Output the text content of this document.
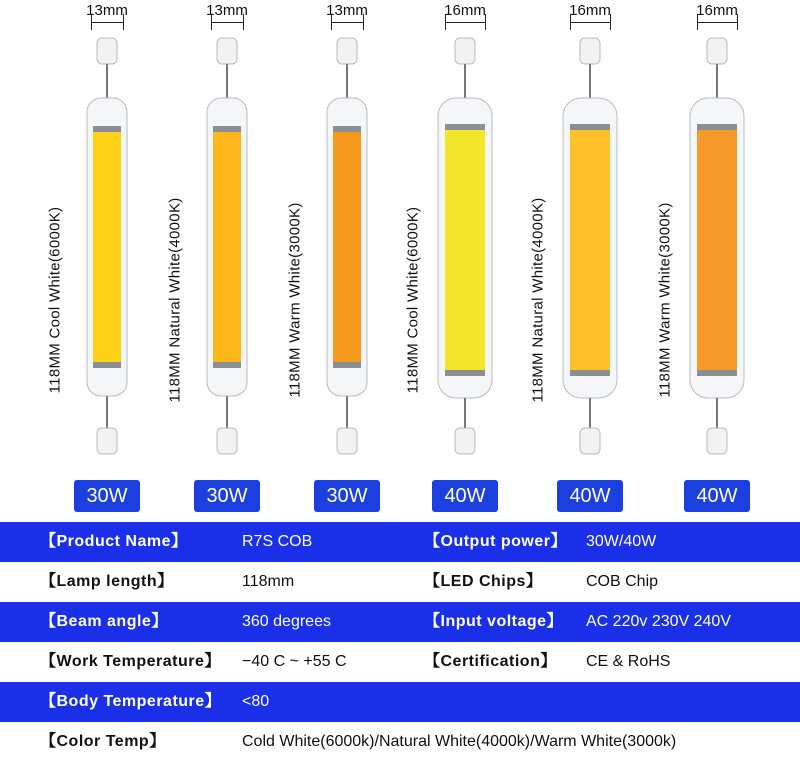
13mm
118MM Cool White(6000K)
30W
13mm
118MM Natural White(4000K)
30W
13mm
118MM Warm White(3000K)
30W
16mm
118MM Cool White(6000K)
40W
16mm
118MM Natural White(4000K)
40W
16mm
118MM Warm White(3000K)
40W
【Product Name】	R7S COB	【Output power】 30W/40W
【Lamp length】	118mm	【LED Chips】	COB Chip
【Beam angle】	360 degrees	【Input voltage】 AC 220v 230V 240V
【Work Temperature】 −40 C ~ +55 C	【Certification】 CE & RoHS
【Body Temperature】 <80
【Color Temp】	Cold White(6000k)/Natural White(4000k)/Warm White(3000k)
